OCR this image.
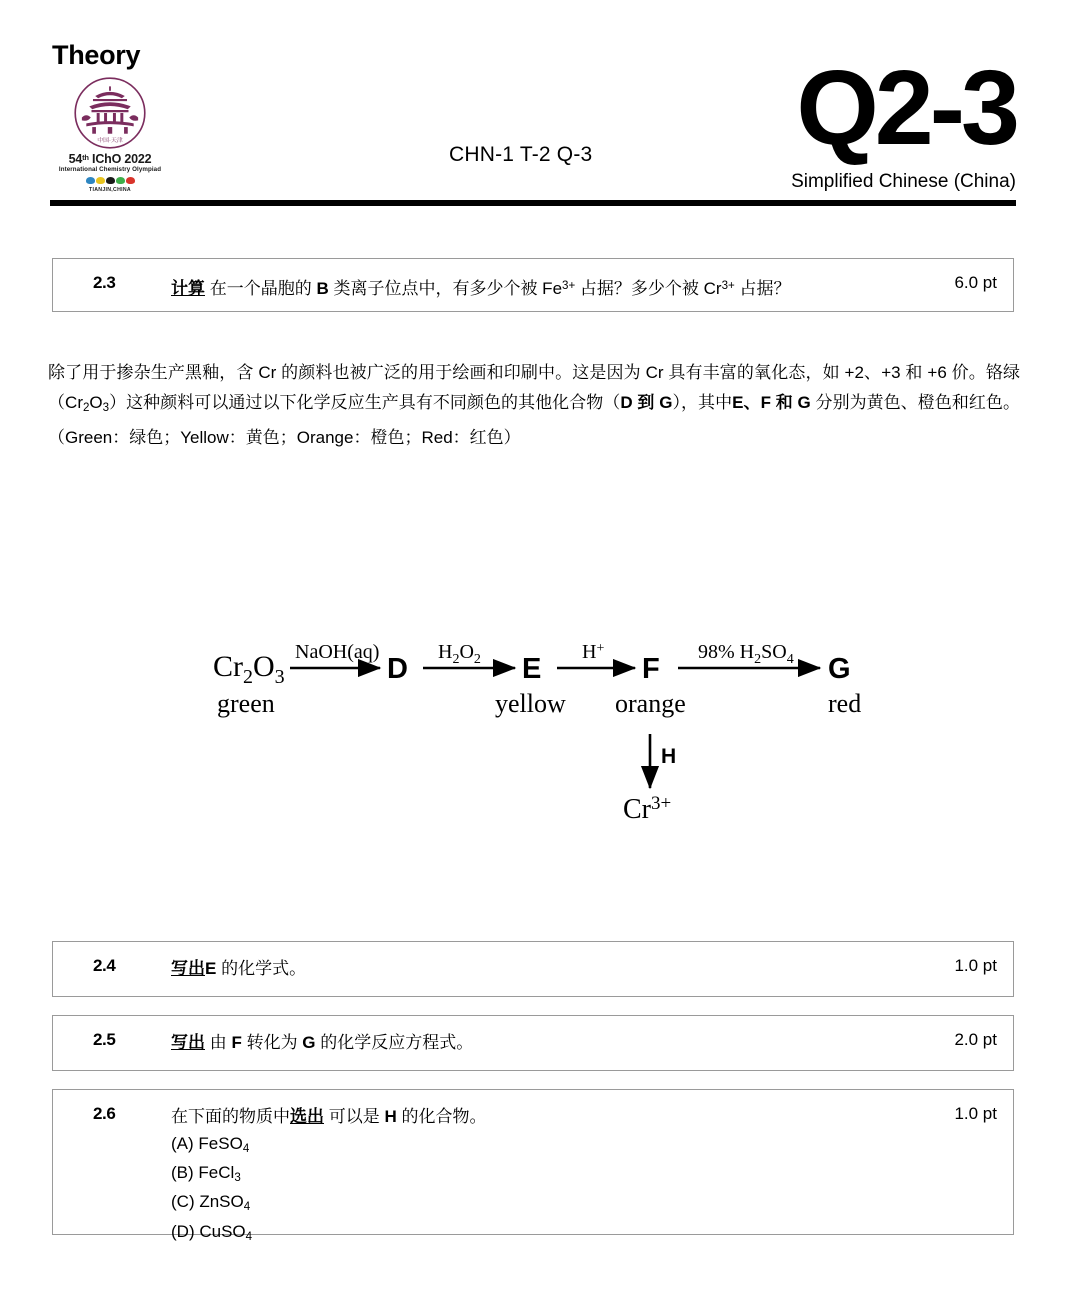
Theory
中国·天津
54th IChO 2022
International Chemistry Olympiad
TIANJIN,CHINA
CHN-1 T-2 Q-3 Q2-3
Simplified Chinese (China)
2.3	计算 在一个晶胞的 B 类离子位点中，有多少个被 $Fe^{3+}$ 占据？多少个被 $Cr^{3+}$ 占据？	6.0 pt
除了用于掺杂生产黑釉，含 Cr 的颜料也被广泛的用于绘画和印刷中。这是因为 Cr 具有丰富的氧化态，如 +2、+3 和 +6 价。铬绿$(Cr_2O_3)$这种颜料可以通过以下化学反应生产具有不同颜色的其他化合物（D 到 G），其中E、F 和 G 分别为黄色、橙色和红色。（Green：绿色；Yellow：黄色；Orange：橙色；Red：红色）
$Cr_2O_3$
green
NaOH(aq)
D
$H_2O_2$ E
yellow
H+
F
orange
98% $H_2SO_4$ G
red
H
$Cr^{3+}$
2.4	写出E 的化学式。	1.0 pt
2.5	写出 由 F 转化为 G 的化学反应方程式。	2.0 pt
2.6	在下面的物质中选出 可以是 H 的化合物。
(A) FeSO$_4$
(B) FeCl$_3$
(C) ZnSO$_4$
(D) CuSO$_4$
1.0 pt
